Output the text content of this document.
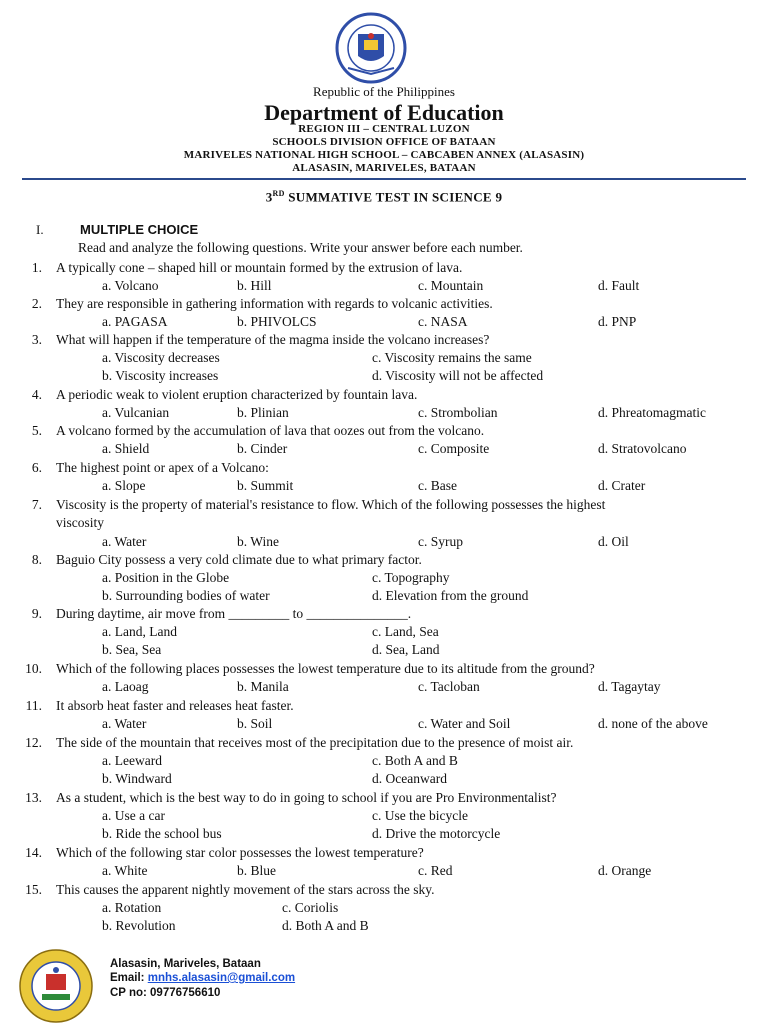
Republic of the Philippines
Department of Education
REGION III – CENTRAL LUZON
SCHOOLS DIVISION OFFICE OF BATAAN
MARIVELES NATIONAL HIGH SCHOOL – CABCABEN ANNEX (ALASASIN)
ALASASIN, MARIVELES, BATAAN
3RD SUMMATIVE TEST IN SCIENCE 9
I.	MULTIPLE CHOICE
Read and analyze the following questions. Write your answer before each number.
1. A typically cone – shaped hill or mountain formed by the extrusion of lava.
a. Volcano	b. Hill	c. Mountain	d. Fault
2. They are responsible in gathering information with regards to volcanic activities.
a. PAGASA	b. PHIVOLCS	c. NASA	d. PNP
3. What will happen if the temperature of the magma inside the volcano increases?
a. Viscosity decreases	c. Viscosity remains the same
b. Viscosity increases	d. Viscosity will not be affected
4. A periodic weak to violent eruption characterized by fountain lava.
a. Vulcanian	b. Plinian	c. Strombolian	d. Phreatomagmatic
5. A volcano formed by the accumulation of lava that oozes out from the volcano.
a. Shield	b. Cinder	c. Composite	d. Stratovolcano
6. The highest point or apex of a Volcano:
a. Slope	b. Summit	c. Base	d. Crater
7. Viscosity is the property of material's resistance to flow. Which of the following possesses the highest
viscosity
a. Water	b. Wine	c. Syrup	d. Oil
8. Baguio City possess a very cold climate due to what primary factor.
a. Position in the Globe	c. Topography
b. Surrounding bodies of water	d. Elevation from the ground
9. During daytime, air move from _________ to _______________.
a. Land, Land	c. Land, Sea
b. Sea, Sea	d. Sea, Land
10. Which of the following places possesses the lowest temperature due to its altitude from the ground?
a. Laoag	b. Manila	c. Tacloban	d. Tagaytay
11. It absorb heat faster and releases heat faster.
a. Water	b. Soil	c. Water and Soil	d. none of the above
12. The side of the mountain that receives most of the precipitation due to the presence of moist air.
a. Leeward	c. Both A and B
b. Windward	d. Oceanward
13. As a student, which is the best way to do in going to school if you are Pro Environmentalist?
a. Use a car	c. Use the bicycle
b. Ride the school bus	d. Drive the motorcycle
14. Which of the following star color possesses the lowest temperature?
a. White	b. Blue	c. Red	d. Orange
15. This causes the apparent nightly movement of the stars across the sky.
a. Rotation	c. Coriolis
b. Revolution	d. Both A and B
Alasasin, Mariveles, Bataan
Email: mnhs.alasasin@gmail.com
CP no: 09776756610
